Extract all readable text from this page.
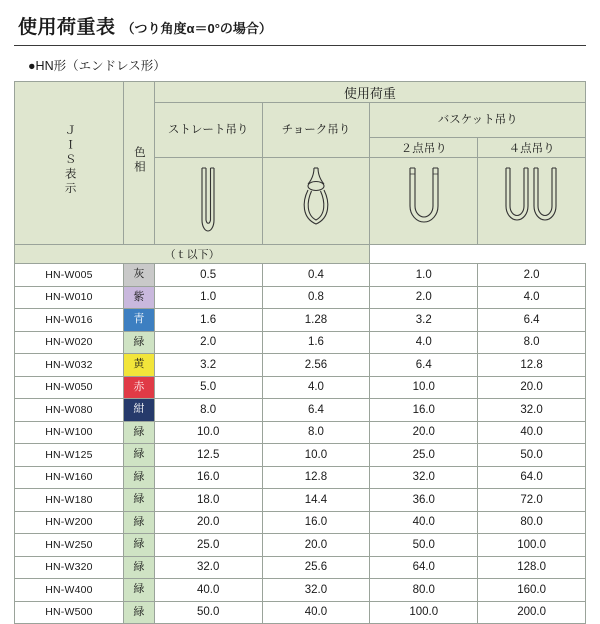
使用荷重表 （つり角度α＝0°の場合）
●HN形（エンドレス形）
ＪＩＳ表示	色相	使用荷重			
		ストレート吊り	チョーク吊り	バスケット吊り	
				２点吊り	４点吊り

（ｔ以下）					
HN-W005	灰	0.5	0.4	1.0	2.0
HN-W010	紫	1.0	0.8	2.0	4.0
HN-W016	青	1.6	1.28	3.2	6.4
HN-W020	緑	2.0	1.6	4.0	8.0
HN-W032	黄	3.2	2.56	6.4	12.8
HN-W050	赤	5.0	4.0	10.0	20.0
HN-W080	紺	8.0	6.4	16.0	32.0
HN-W100	緑	10.0	8.0	20.0	40.0
HN-W125	緑	12.5	10.0	25.0	50.0
HN-W160	緑	16.0	12.8	32.0	64.0
HN-W180	緑	18.0	14.4	36.0	72.0
HN-W200	緑	20.0	16.0	40.0	80.0
HN-W250	緑	25.0	20.0	50.0	100.0
HN-W320	緑	32.0	25.6	64.0	128.0
HN-W400	緑	40.0	32.0	80.0	160.0
HN-W500	緑	50.0	40.0	100.0	200.0
